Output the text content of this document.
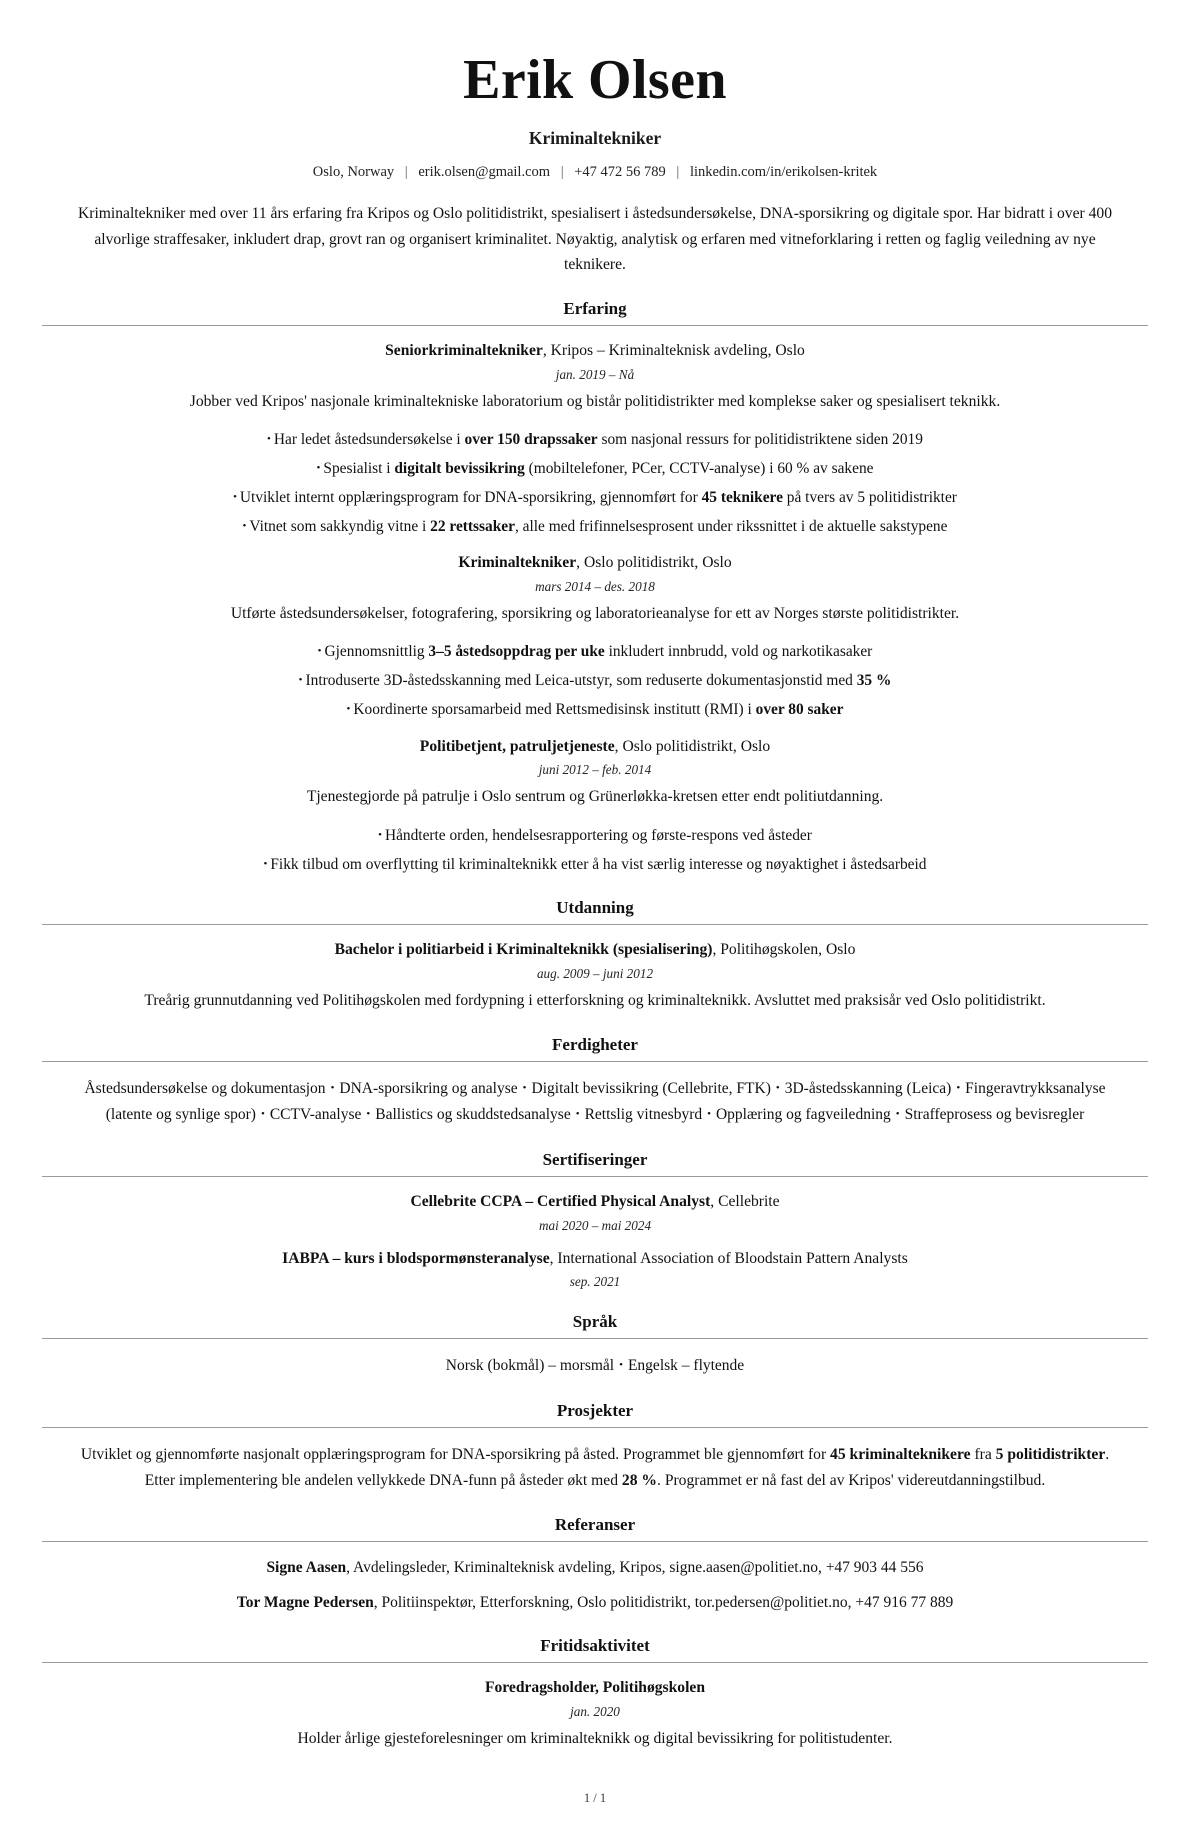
Erik Olsen
Kriminaltekniker
Oslo, Norway | erik.olsen@gmail.com | +47 472 56 789 | linkedin.com/in/erikolsen-kritek

Kriminaltekniker med over 11 års erfaring fra Kripos og Oslo politidistrikt, spesialisert i åstedsundersøkelse, DNA-sporsikring og digitale spor. Har bidratt i over 400 alvorlige straffesaker, inkludert drap, grovt ran og organisert kriminalitet. Nøyaktig, analytisk og erfaren med vitneforklaring i retten og faglig veiledning av nye teknikere.

Erfaring
Seniorkriminaltekniker, Kripos – Kriminalteknisk avdeling, Oslo
jan. 2019 – Nå
Jobber ved Kripos' nasjonale kriminaltekniske laboratorium og bistår politidistrikter med komplekse saker og spesialisert teknikk.
• Har ledet åstedsundersøkelse i over 150 drapssaker som nasjonal ressurs for politidistriktene siden 2019
• Spesialist i digitalt bevissikring (mobiltelefoner, PCer, CCTV-analyse) i 60 % av sakene
• Utviklet internt opplæringsprogram for DNA-sporsikring, gjennomført for 45 teknikere på tvers av 5 politidistrikter
• Vitnet som sakkyndig vitne i 22 rettssaker, alle med frifinnelsesprosent under rikssnittet i de aktuelle sakstypene
Kriminaltekniker, Oslo politidistrikt, Oslo
mars 2014 – des. 2018
Utførte åstedsundersøkelser, fotografering, sporsikring og laboratorieanalyse for ett av Norges største politidistrikter.
• Gjennomsnittlig 3–5 åstedsoppdrag per uke inkludert innbrudd, vold og narkotikasaker
• Introduserte 3D-åstedsskanning med Leica-utstyr, som reduserte dokumentasjonstid med 35 %
• Koordinerte sporsamarbeid med Rettsmedisinsk institutt (RMI) i over 80 saker
Politibetjent, patruljetjeneste, Oslo politidistrikt, Oslo
juni 2012 – feb. 2014
Tjenestegjorde på patrulje i Oslo sentrum og Grünerløkka-kretsen etter endt politiutdanning.
• Håndterte orden, hendelsesrapportering og første-respons ved åsteder
• Fikk tilbud om overflytting til kriminalteknikk etter å ha vist særlig interesse og nøyaktighet i åstedsarbeid
Utdanning
Bachelor i politiarbeid i Kriminalteknikk (spesialisering), Politihøgskolen, Oslo
aug. 2009 – juni 2012
Treårig grunnutdanning ved Politihøgskolen med fordypning i etterforskning og kriminalteknikk. Avsluttet med praksisår ved Oslo politidistrikt.
Ferdigheter
Åstedsundersøkelse og dokumentasjon • DNA-sporsikring og analyse • Digitalt bevissikring (Cellebrite, FTK) • 3D-åstedsskanning (Leica) • Fingeravtrykksanalyse (latente og synlige spor) • CCTV-analyse • Ballistics og skuddstedsanalyse • Rettslig vitnesbyrd • Opplæring og fagveiledning • Straffeprosess og bevisregler
Sertifiseringer
Cellebrite CCPA – Certified Physical Analyst, Cellebrite
mai 2020 – mai 2024
IABPA – kurs i blodspormønsteranalyse, International Association of Bloodstain Pattern Analysts
sep. 2021
Språk
Norsk (bokmål) – morsmål • Engelsk – flytende
Prosjekter

Utviklet og gjennomførte nasjonalt opplæringsprogram for DNA-sporsikring på åsted. Programmet ble gjennomført for 45 kriminalteknikere fra 5 politidistrikter. Etter implementering ble andelen vellykkede DNA-funn på åsteder økt med 28 %. Programmet er nå fast del av Kripos' videreutdanningstilbud.

Referanser
Signe Aasen, Avdelingsleder, Kriminalteknisk avdeling, Kripos, signe.aasen@politiet.no, +47 903 44 556
Tor Magne Pedersen, Politiinspektør, Etterforskning, Oslo politidistrikt, tor.pedersen@politiet.no, +47 916 77 889
Fritidsaktivitet
Foredragsholder, Politihøgskolen
jan. 2020
Holder årlige gjesteforelesninger om kriminalteknikk og digital bevissikring for politistudenter.
1 / 1
